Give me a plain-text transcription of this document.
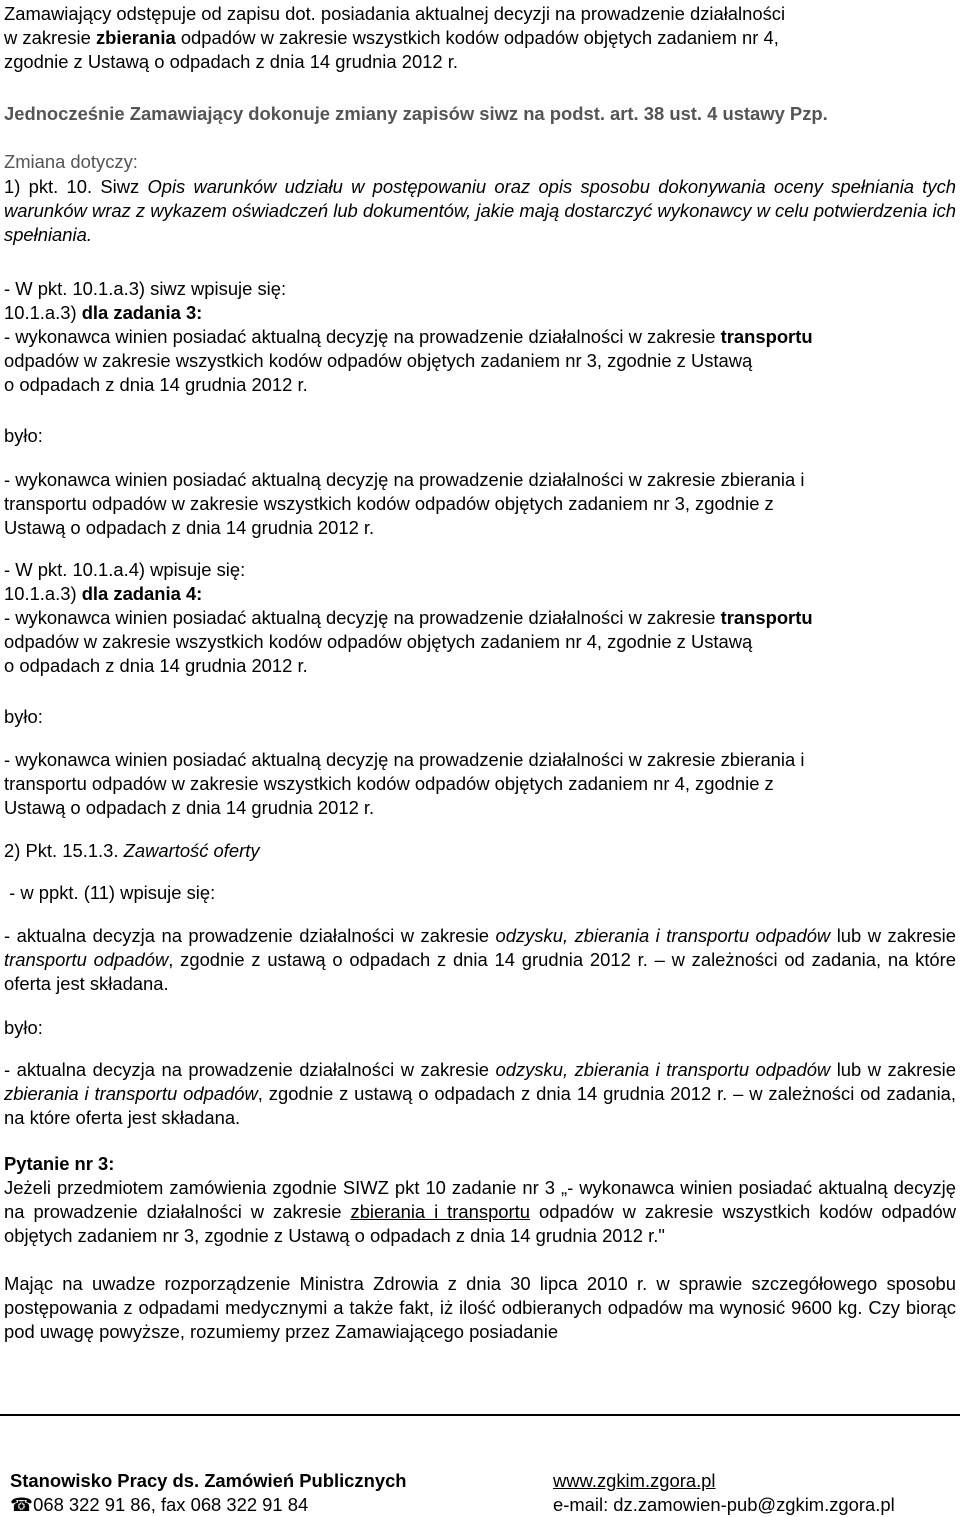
Zamawiający odstępuje od zapisu dot. posiadania aktualnej decyzji na prowadzenie działalności

w zakresie zbierania odpadów w zakresie wszystkich kodów odpadów objętych zadaniem nr 4,

zgodnie z Ustawą o odpadach z dnia 14 grudnia 2012 r.

Jednocześnie Zamawiający dokonuje zmiany zapisów siwz na podst. art. 38 ust. 4 ustawy Pzp.

Zmiana dotyczy:

1) pkt. 10. Siwz Opis warunków udziału w postępowaniu oraz opis sposobu dokonywania oceny spełniania tych warunków wraz z wykazem oświadczeń lub dokumentów, jakie mają dostarczyć wykonawcy w celu potwierdzenia ich spełniania.

- W pkt. 10.1.a.3) siwz wpisuje się:

10.1.a.3) dla zadania 3:

- wykonawca winien posiadać aktualną decyzję na prowadzenie działalności w zakresie transportu

odpadów w zakresie wszystkich kodów odpadów objętych zadaniem nr 3, zgodnie z Ustawą

o odpadach z dnia 14 grudnia 2012 r.

było:

- wykonawca winien posiadać aktualną decyzję na prowadzenie działalności w zakresie zbierania i

transportu odpadów w zakresie wszystkich kodów odpadów objętych zadaniem nr 3, zgodnie z

Ustawą o odpadach z dnia 14 grudnia 2012 r.

- W pkt. 10.1.a.4) wpisuje się:

10.1.a.3) dla zadania 4:

- wykonawca winien posiadać aktualną decyzję na prowadzenie działalności w zakresie transportu

odpadów w zakresie wszystkich kodów odpadów objętych zadaniem nr 4, zgodnie z Ustawą

o odpadach z dnia 14 grudnia 2012 r.

było:

- wykonawca winien posiadać aktualną decyzję na prowadzenie działalności w zakresie zbierania i

transportu odpadów w zakresie wszystkich kodów odpadów objętych zadaniem nr 4, zgodnie z

Ustawą o odpadach z dnia 14 grudnia 2012 r.

2) Pkt. 15.1.3. Zawartość oferty

- w ppkt. (11) wpisuje się:

- aktualna decyzja na prowadzenie działalności w zakresie odzysku, zbierania i transportu odpadów lub w zakresie transportu odpadów, zgodnie z ustawą o odpadach z dnia 14 grudnia 2012 r. – w zależności od zadania, na które oferta jest składana.

było:

- aktualna decyzja na prowadzenie działalności w zakresie odzysku, zbierania i transportu odpadów lub w zakresie zbierania i transportu odpadów, zgodnie z ustawą o odpadach z dnia 14 grudnia 2012 r. – w zależności od zadania, na które oferta jest składana.

Pytanie nr 3:

Jeżeli przedmiotem zamówienia zgodnie SIWZ pkt 10 zadanie nr 3 „- wykonawca winien posiadać aktualną decyzję na prowadzenie działalności w zakresie zbierania i transportu odpadów w zakresie wszystkich kodów odpadów objętych zadaniem nr 3, zgodnie z Ustawą o odpadach z dnia 14 grudnia 2012 r."

Mając na uwadze rozporządzenie Ministra Zdrowia z dnia 30 lipca 2010 r. w sprawie szczegółowego sposobu postępowania z odpadami medycznymi a także fakt, iż ilość odbieranych odpadów ma wynosić 9600 kg. Czy biorąc pod uwagę powyższe, rozumiemy przez Zamawiającego posiadanie

Stanowisko Pracy ds. Zamówień Publicznych	www.zgkim.zgora.pl
☎ 068 322 91 86, fax 068 322 91 84	e-mail: dz.zamowien-pub@zgkim.zgora.pl
